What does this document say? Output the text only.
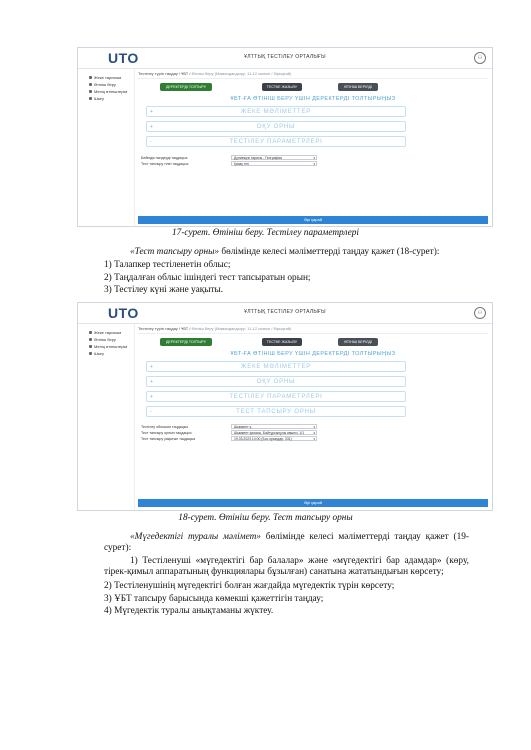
UTO	ҰЛТТЫҚ ТЕСТІЛЕУ ОРТАЛЫҒЫ	⚇
Жеке тарихым
Өтініш беру
Менің өтініштерім
Шығу
Тестілеу түрін таңдау / ҰБТ / Өтініш беру (Мамандандыру: 11-12 сынып / бірыңғай)
ДЕРЕКТЕРДІ ТОЛТЫРУ	ТЕСТКЕ ЖАЗЫЛУ	ӨТІНІШ БЕРІЛДІ
ҰБТ-ҒА ӨТІНІШ БЕРУ ҮШІН ДЕРЕКТЕРДІ ТОЛТЫРЫҢЫЗ
+	ЖЕКЕ МӘЛІМЕТТЕР
+	ОҚУ ОРНЫ
-	ТЕСТІЛЕУ ПАРАМЕТРЛЕРІ
Бейіндік пәндерді таңдаңыз	Дүниежүзі тарихы - География	▾
Тест тапсыру тілін таңдаңыз	Қазақ тілі	▾
Әрі қарай
17-сурет. Өтініш беру. Тестілеу параметрлері
«Тест тапсыру орны» бөлімінде келесі мәліметтерді таңдау қажет (18-сурет):
1) Талапкер тестіленетін облыс;
2) Таңдалған облыс ішіндегі тест тапсыратын орын;
3) Тестілеу күні және уақыты.
UTO	ҰЛТТЫҚ ТЕСТІЛЕУ ОРТАЛЫҒЫ	⚇
Жеке тарихым
Өтініш беру
Менің өтініштерім
Шығу
Тестілеу түрін таңдау / ҰБТ / Өтініш беру (Мамандандыру: 11-12 сынып / бірыңғай)
ДЕРЕКТЕРДІ ТОЛТЫРУ	ТЕСТКЕ ЖАЗЫЛУ	ӨТІНІШ БЕРІЛДІ
ҰБТ-ҒА ӨТІНІШ БЕРУ ҮШІН ДЕРЕКТЕРДІ ТОЛТЫРЫҢЫЗ
+	ЖЕКЕ МӘЛІМЕТТЕР
+	ОҚУ ОРНЫ
+	ТЕСТІЛЕУ ПАРАМЕТРЛЕРІ
-	ТЕСТ ТАПСЫРУ ОРНЫ
Тестілеу облысын таңдаңыз	Шымкент қ.	▾
Тест тапсыру орнын таңдаңыз	Шымкент қаласы, Байтұрсынұлы көшесі, 1/1	▾
Тест тапсыру уақытын таңдаңыз	19.03.2023 14:00 (Бос орындар: 331)	▾
Әрі қарай
18-сурет. Өтініш беру. Тест тапсыру орны
«Мүгедектігі туралы мәлімет» бөлімінде келесі мәліметтерді таңдау қажет (19-сурет):
1) Тестіленуші «мүгедектігі бар балалар» және «мүгедектігі бар адамдар» (көру, тірек-қимыл аппаратының функциялары бұзылған) санатына жататындығын көрсету;
2) Тестіленушінің мүгедектігі болған жағдайда мүгедектік түрін көрсету;
3) ҰБТ тапсыру барысында көмекші қажеттігін таңдау;
4) Мүгедектік туралы анықтаманы жүктеу.
